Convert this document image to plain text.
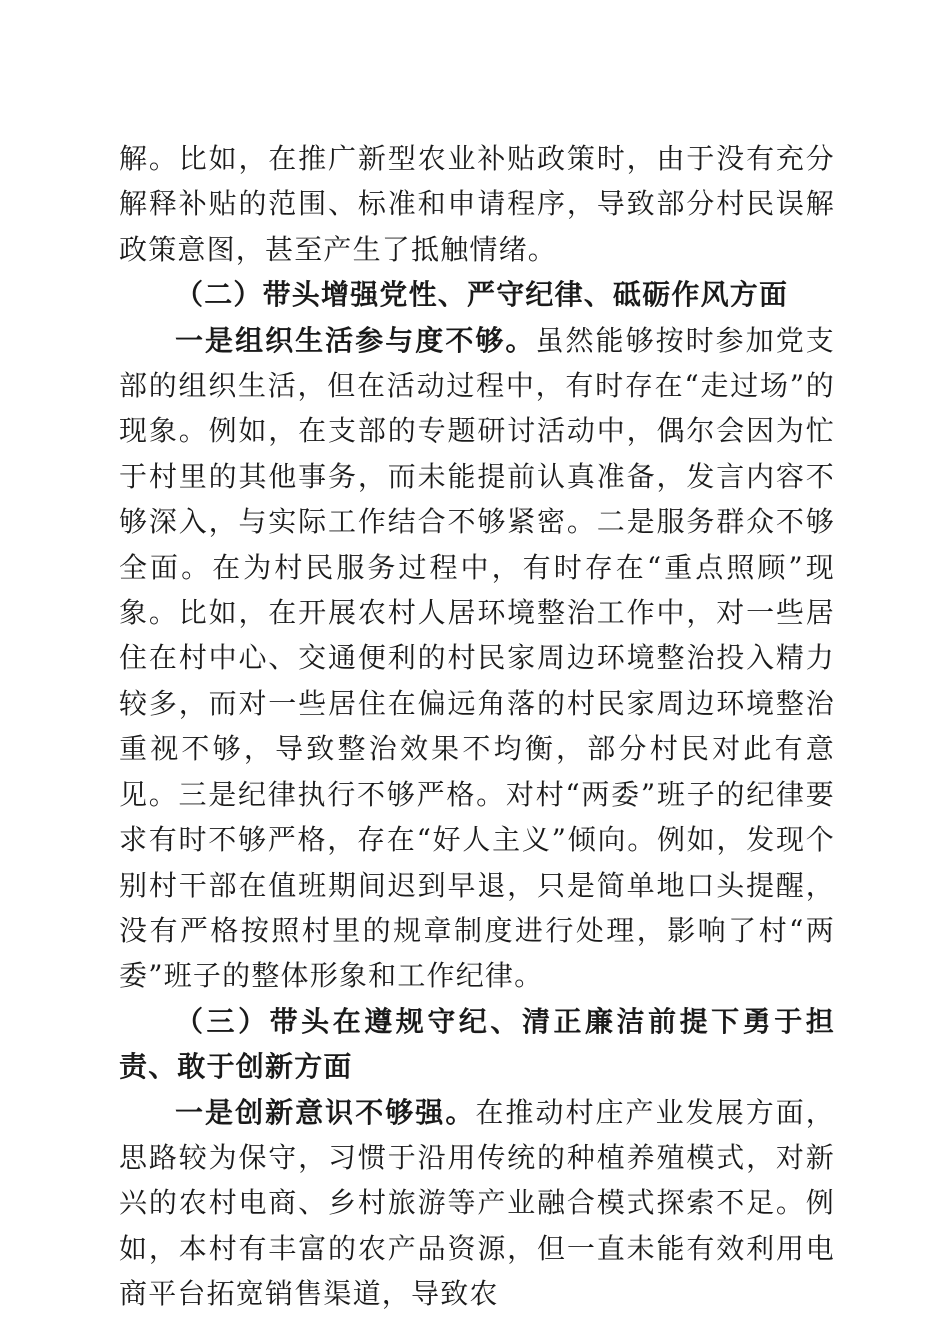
解。比如，在推广新型农业补贴政策时，由于没有充分解释补贴的范围、标准和申请程序，导致部分村民误解政策意图，甚至产生了抵触情绪。

（二）带头增强党性、严守纪律、砥砺作风方面

一是组织生活参与度不够。虽然能够按时参加党支部的组织生活，但在活动过程中，有时存在“走过场”的现象。例如，在支部的专题研讨活动中，偶尔会因为忙于村里的其他事务，而未能提前认真准备，发言内容不够深入，与实际工作结合不够紧密。二是服务群众不够全面。在为村民服务过程中，有时存在“重点照顾”现象。比如，在开展农村人居环境整治工作中，对一些居住在村中心、交通便利的村民家周边环境整治投入精力较多，而对一些居住在偏远角落的村民家周边环境整治重视不够，导致整治效果不均衡，部分村民对此有意见。三是纪律执行不够严格。对村“两委”班子的纪律要求有时不够严格，存在“好人主义”倾向。例如，发现个别村干部在值班期间迟到早退，只是简单地口头提醒，没有严格按照村里的规章制度进行处理，影响了村“两委”班子的整体形象和工作纪律。

（三）带头在遵规守纪、清正廉洁前提下勇于担责、敢于创新方面

一是创新意识不够强。在推动村庄产业发展方面，思路较为保守，习惯于沿用传统的种植养殖模式，对新兴的农村电商、乡村旅游等产业融合模式探索不足。例如，本村有丰富的农产品资源，但一直未能有效利用电商平台拓宽销售渠道，导致农
